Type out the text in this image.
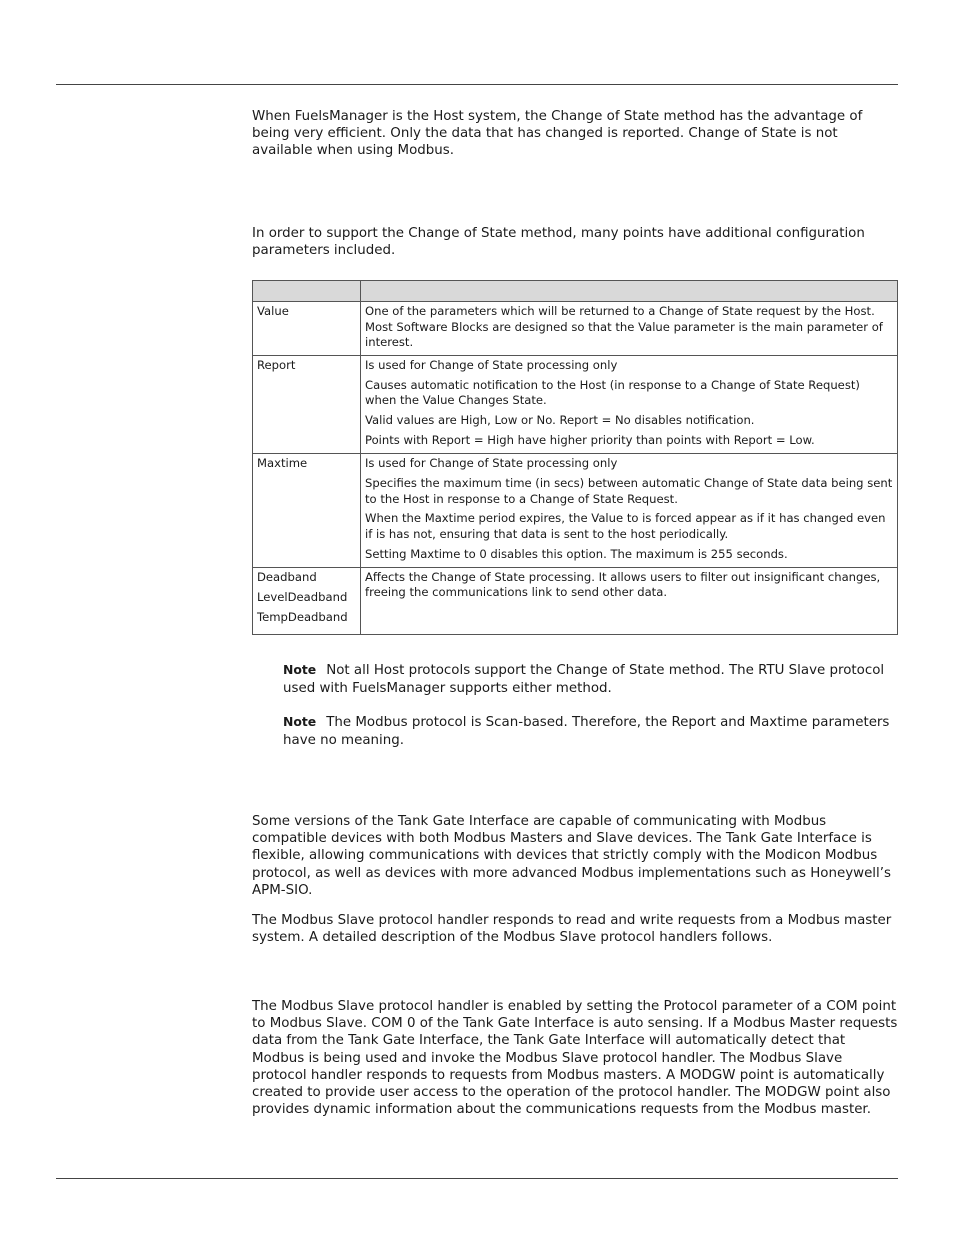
When FuelsManager is the Host system, the Change of State method has the advantage of being very efficient. Only the data that has changed is reported. Change of State is not available when using Modbus.

In order to support the Change of State method, many points have additional configuration parameters included.

Value	One of the parameters which will be returned to a Change of State request by the Host. Most Software Blocks are designed so that the Value parameter is the main parameter of interest.

Report	Is used for Change of State processing only

Causes automatic notification to the Host (in response to a Change of State Request) when the Value Changes State.

Valid values are High, Low or No. Report = No disables notification.

Points with Report = High have higher priority than points with Report = Low.

Maxtime	Is used for Change of State processing only

Specifies the maximum time (in secs) between automatic Change of State data being sent to the Host in response to a Change of State Request.

When the Maxtime period expires, the Value to is forced appear as if it has changed even if is has not, ensuring that data is sent to the host periodically.

Setting Maxtime to 0 disables this option. The maximum is 255 seconds.

Deadband
LevelDeadband
TempDeadband	Affects the Change of State processing. It allows users to filter out insignificant changes, freeing the communications link to send other data.

Note Not all Host protocols support the Change of State method. The RTU Slave protocol used with FuelsManager supports either method.

Note The Modbus protocol is Scan-based. Therefore, the Report and Maxtime parameters have no meaning.

Some versions of the Tank Gate Interface are capable of communicating with Modbus compatible devices with both Modbus Masters and Slave devices. The Tank Gate Interface is flexible, allowing communications with devices that strictly comply with the Modicon Modbus protocol, as well as devices with more advanced Modbus implementations such as Honeywell’s APM-SIO.

The Modbus Slave protocol handler responds to read and write requests from a Modbus master system. A detailed description of the Modbus Slave protocol handlers follows.

The Modbus Slave protocol handler is enabled by setting the Protocol parameter of a COM point to Modbus Slave. COM 0 of the Tank Gate Interface is auto sensing. If a Modbus Master requests data from the Tank Gate Interface, the Tank Gate Interface will automatically detect that Modbus is being used and invoke the Modbus Slave protocol handler. The Modbus Slave protocol handler responds to requests from Modbus masters. A MODGW point is automatically created to provide user access to the operation of the protocol handler. The MODGW point also provides dynamic information about the communications requests from the Modbus master.
